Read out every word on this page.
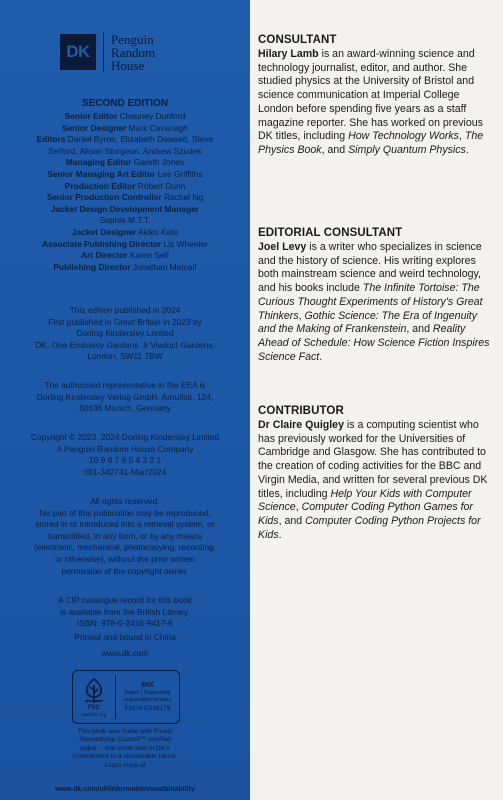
DK
Penguin
Random
House
SECOND EDITION
Senior Editor Chauney Dunford
Senior Designer Mark Cavanagh
Editors Daniel Byrne, Elizabeth Dowsett, Steve
Setford, Alison Sturgeon, Andrew Szudek
Managing Editor Gareth Jones
Senior Managing Art Editor Lee Griffiths
Production Editor Robert Dunn
Senior Production Controller Rachel Ng
Jacket Design Development Manager
Sophia M.T.T.
Jacket Designer Akiko Kato
Associate Publishing Director Liz Wheeler
Art Director Karen Self
Publishing Director Jonathan Metcalf
This edition published in 2024
First published in Great Britain in 2023 by
Dorling Kindersley Limited
DK, One Embassy Gardens, 8 Viaduct Gardens,
London, SW11 7BW
The authorised representative in the EEA is
Dorling Kindersley Verlag GmbH. Arnulfstr. 124,
80636 Munich, Germany
Copyright © 2023, 2024 Dorling Kindersley Limited
A Penguin Random House Company
10 9 8 7 6 5 4 3 2 1
001-342741-Mar/2024
All rights reserved.
No part of this publication may be reproduced,
stored in or introduced into a retrieval system, or
transmitted, in any form, or by any means
(electronic, mechanical, photocopying, recording,
or otherwise), without the prior written
permission of the copyright owner.
A CIP catalogue record for this book
is available from the British Library.
ISBN: 978-0-2416-9417-6
Printed and bound in China
www.dk.com
FSC
www.fsc.org
MIX
Paper | Supporting
responsible forestry
FSC® C018179
This book was made with Forest
Stewardship Council™ certified
paper – one small step in DK's
commitment to a sustainable future.
Learn more at
www.dk.com/uk/information/sustainability
CONSULTANT

Hilary Lamb is an award-winning science and technology journalist, editor, and author. She studied physics at the University of Bristol and science communication at Imperial College London before spending five years as a staff magazine reporter. She has worked on previous DK titles, including How Technology Works, The Physics Book, and Simply Quantum Physics.

EDITORIAL CONSULTANT

Joel Levy is a writer who specializes in science and the history of science. His writing explores both mainstream science and weird technology, and his books include The Infinite Tortoise: The Curious Thought Experiments of History's Great Thinkers, Gothic Science: The Era of Ingenuity and the Making of Frankenstein, and Reality Ahead of Schedule: How Science Fiction Inspires Science Fact.

CONTRIBUTOR

Dr Claire Quigley is a computing scientist who has previously worked for the Universities of Cambridge and Glasgow. She has contributed to the creation of coding activities for the BBC and Virgin Media, and written for several previous DK titles, including Help Your Kids with Computer Science, Computer Coding Python Games for Kids, and Computer Coding Python Projects for Kids.
